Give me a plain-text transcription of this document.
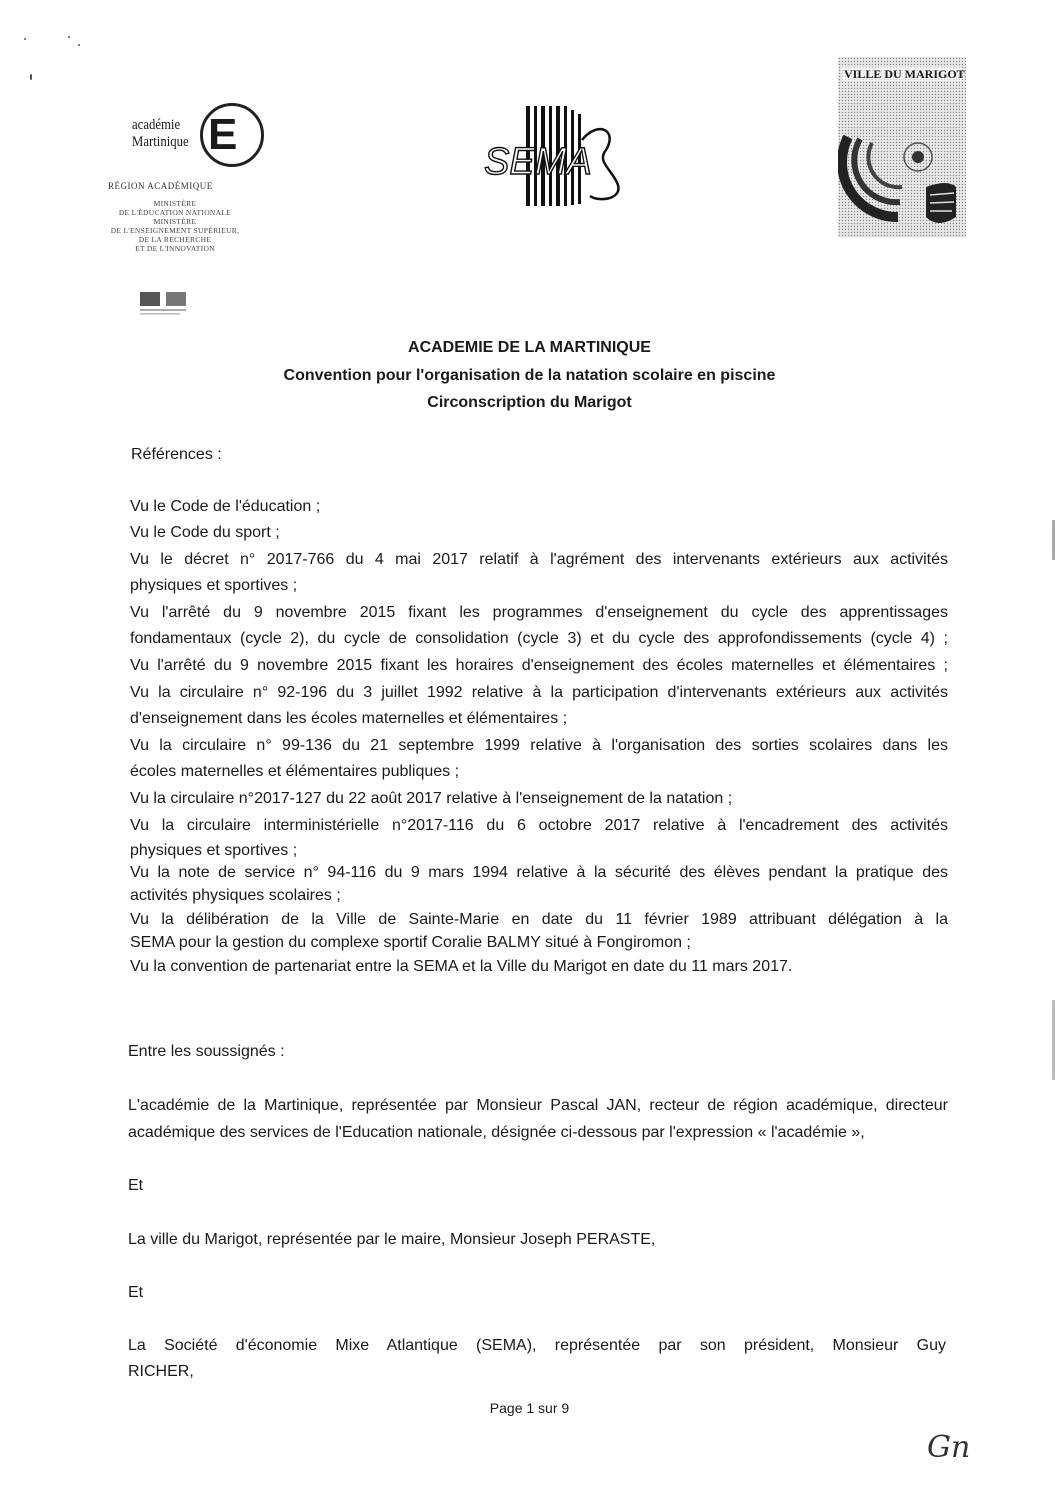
académie
Martinique E
RÉGION ACADÉMIQUE
MINISTÈRE
DE L'ÉDUCATION NATIONALE
MINISTÈRE
DE L'ENSEIGNEMENT SUPÉRIEUR,
DE LA RECHERCHE
ET DE L'INNOVATION
SEMA
VILLE DU MARIGOT
ACADEMIE DE LA MARTINIQUE
Convention pour l'organisation de la natation scolaire en piscine
Circonscription du Marigot
Références :
Vu le Code de l'éducation ;
Vu le Code du sport ;
Vu le décret n° 2017-766 du 4 mai 2017 relatif à l'agrément des intervenants extérieurs aux activités
physiques et sportives ;
Vu l'arrêté du 9 novembre 2015 fixant les programmes d'enseignement du cycle des apprentissages
fondamentaux (cycle 2), du cycle de consolidation (cycle 3) et du cycle des approfondissements (cycle 4) ;
Vu l'arrêté du 9 novembre 2015 fixant les horaires d'enseignement des écoles maternelles et élémentaires ;
Vu la circulaire n° 92-196 du 3 juillet 1992 relative à la participation d'intervenants extérieurs aux activités
d'enseignement dans les écoles maternelles et élémentaires ;
Vu la circulaire n° 99-136 du 21 septembre 1999 relative à l'organisation des sorties scolaires dans les
écoles maternelles et élémentaires publiques ;
Vu la circulaire n°2017-127 du 22 août 2017 relative à l'enseignement de la natation ;
Vu la circulaire interministérielle n°2017-116 du 6 octobre 2017 relative à l'encadrement des activités
physiques et sportives ;
Vu la note de service n° 94-116 du 9 mars 1994 relative à la sécurité des élèves pendant la pratique des
activités physiques scolaires ;
Vu la délibération de la Ville de Sainte-Marie en date du 11 février 1989 attribuant délégation à la
SEMA pour la gestion du complexe sportif Coralie BALMY situé à Fongiromon ;
Vu la convention de partenariat entre la SEMA et la Ville du Marigot en date du 11 mars 2017.
Entre les soussignés :
L'académie de la Martinique, représentée par Monsieur Pascal JAN, recteur de région académique, directeur
académique des services de l'Education nationale, désignée ci-dessous par l'expression « l'académie »,
Et
La ville du Marigot, représentée par le maire, Monsieur Joseph PERASTE,
Et
La Société d'économie Mixe Atlantique (SEMA), représentée par son président, Monsieur Guy
RICHER,
Page 1 sur 9
Gn
